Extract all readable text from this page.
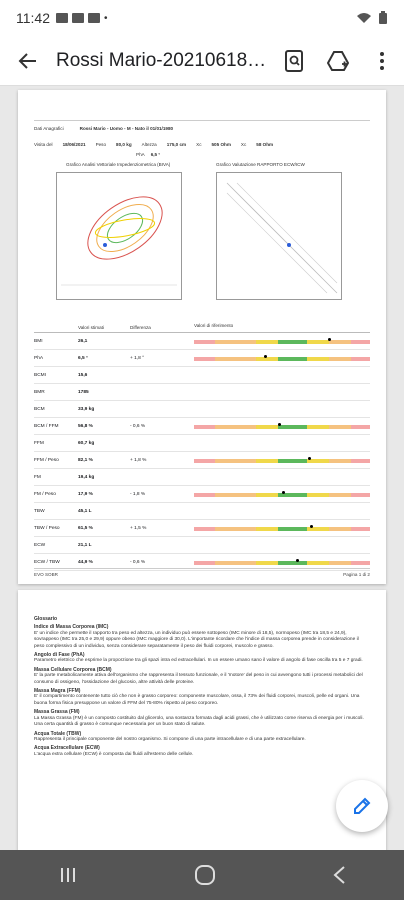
11:42	•
Rossi Mario-20210618…
Dati Anagrafici	Rossi Mario - Uomo - M - Nato il 01/01/1980
Visita del 18/06/2021 Peso 80,0 kg Altezza 175,0 cm Xc 505 Ohm Xc 58 Ohm
PhA 6,5 °
Grafico Analisi Vettoriale Impedenziometrica (BIVA)	Grafico Valutazione RAPPORTO ECW/ICW
Valori stimati	Differenza	Valori di riferimento
BMI	26,1
PhA	6,5 °	+ 1,8 °
BCMI	15,6
BMR	1785
BCM	33,9 kg
BCM / FFM	56,8 %	- 0,6 %
FFM	60,7 kg
FFM / Peso	82,1 %	+ 1,8 %
FM	19,4 kg
FM / Peso	17,9 %	- 1,8 %
TBW	45,1 L
TBW / Peso	61,5 %	+ 1,5 %
ECW	21,1 L
ECW / TBW	44,9 %	- 0,6 %
EVO SOBR	Pagina 1 di 2
Glossario
Indice di Massa Corporea (IMC)

E' un indice che permette il rapporto tra peso ed altezza, un individuo può essere sottopeso (IMC minore di 18,5), normopeso (IMC tra 18,5 e 24,9), sovrappeso (IMC tra 25,0 e 29,9) oppure obeso (IMC maggiore di 30,0). L'importante ricordare che l'indice di massa corporea prende in considerazione il peso complessivo di un individuo, senza considerare separatamente il peso dei fluidi corporei, muscolo e grasso.

Angolo di Fase (PhA)

Parametro elettrico che esprime la proporzione tra gli spazi intra ed extracellulari. In un essere umano sano il valore di angolo di fase oscilla tra 5 e 7 gradi.

Massa Cellulare Corporea (BCM)

E' la parte metabolicamente attiva dell'organismo che rappresenta il tessuto funzionale, e il 'motore' del peso in cui avvengono tutti i processi metabolici del consumo di ossigeno, l'ossidazione del glucosio, altre attività delle proteine.

Massa Magra (FFM)

E' il compartimento contenente tutto ciò che non è grasso corporeo: componente muscolare, ossa, il 73% dei fluidi corporei, muscoli, pelle ed organi. Una buona forma fisica presuppone un valore di FFM del 75-80% rispetto al peso corporeo.

Massa Grassa (FM)

La Massa Grassa (FM) è un composto costituito dal glicerolo, una sostanza formata dagli acidi grassi, che è utilizzato come riserva di energia per i muscoli. Una certa quantità di grasso è comunque necessaria per un buon stato di salute.

Acqua Totale (TBW)

Rappresenta il principale componente del nostro organismo. Si compone di una parte intracellulare e di una parte extracellulare.

Acqua Extracellulare (ECW)

L'acqua extra cellulare (ECW) è composta dai fluidi all'esterno delle cellule.
